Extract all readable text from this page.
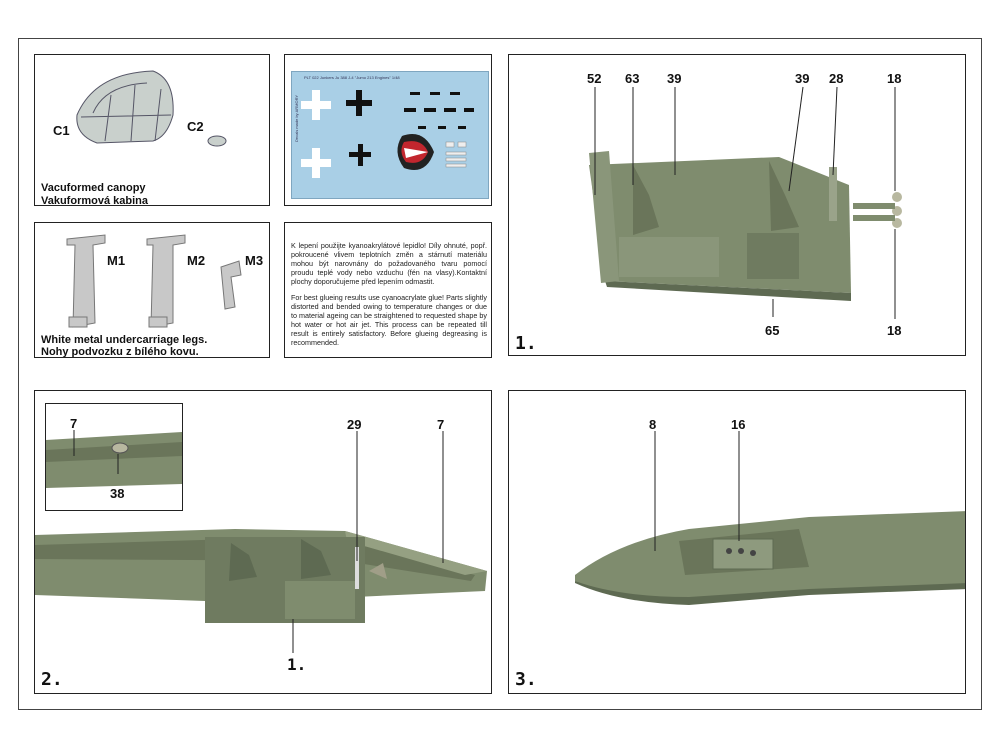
C1	C2
Vacuformed canopy
Vakuformová kabina
PLT 022 Junkers Ju 388 J-4 "Jumo 213 Engines" 1/48
Decals made by ARMORY
52 63 39	39 28	18
65	18
1.
M1	M2	M3
White metal undercarriage legs.
Nohy podvozku z bílého kovu.
K lepení použijte kyanoakrylátové lepidlo! Díly ohnuté, popř. pokroucené vlivem teplotních změn a stárnutí materiálu mohou být narovnány do požadovaného tvaru pomocí proudu teplé vody nebo vzduchu (fén na vlasy).Kontaktní plochy doporučujeme před lepením odmastit.
For best glueing results use cyanoacrylate glue! Parts slightly distorted and bended owing to temperature changes or due to material ageing can be straightened to requested shape by hot water or hot air jet. This process can be repeated till result is entirely satisfactory. Before glueing degreasing is recommended.
7
38
29	7
1.
2.
8	16
3.
